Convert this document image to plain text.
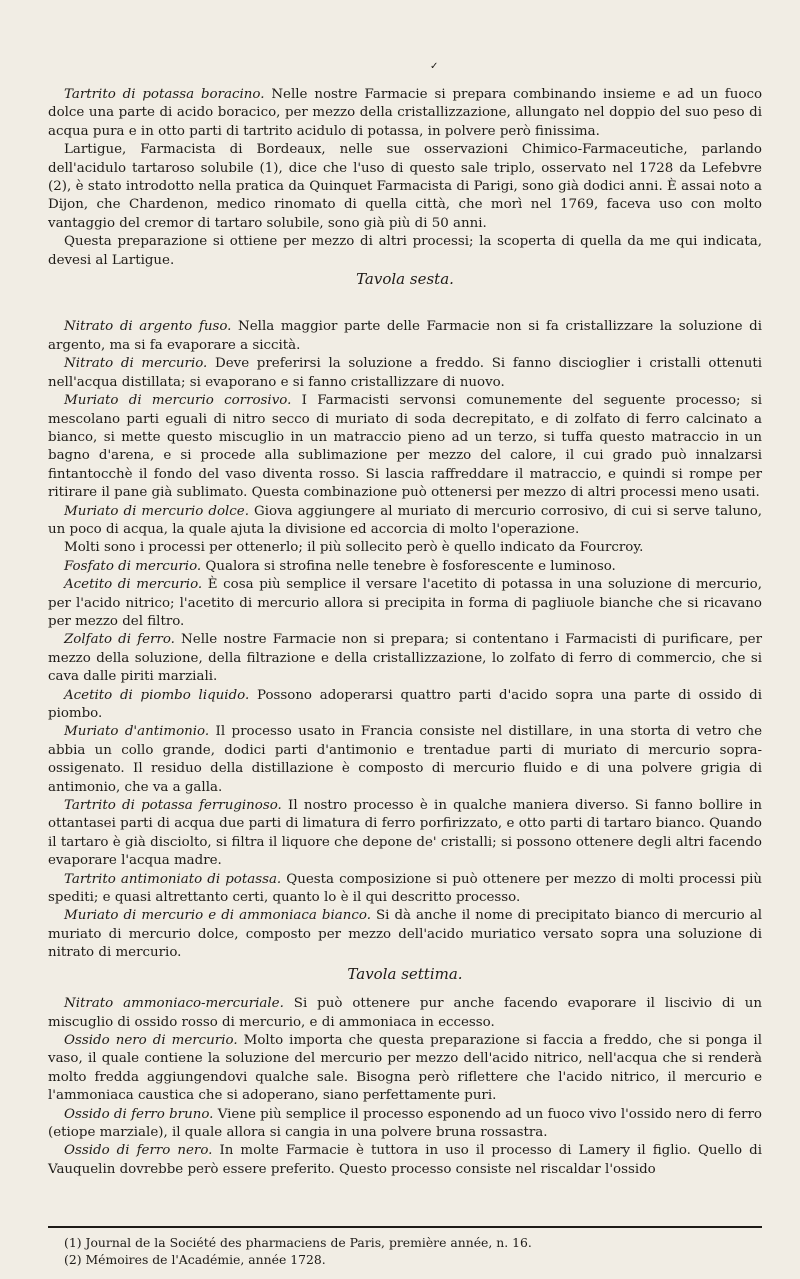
✓

Tartrito di potassa boracino. Nelle nostre Farmacie si prepara combinando insieme e ad un fuoco dolce una parte di acido boracico, per mezzo della cristallizzazione, allungato nel doppio del suo peso di acqua pura e in otto parti di tartrito acidulo di potassa, in polvere però finissima.

Lartigue, Farmacista di Bordeaux, nelle sue osservazioni Chimico-Farmaceutiche, parlando dell'acidulo tartaroso solubile (1), dice che l'uso di questo sale triplo, osservato nel 1728 da Lefebvre (2), è stato introdotto nella pratica da Quinquet Farmacista di Parigi, sono già dodici anni. È assai noto a Dijon, che Chardenon, medico rinomato di quella città, che morì nel 1769, faceva uso con molto vantaggio del cremor di tartaro solubile, sono già più di 50 anni.

Questa preparazione si ottiene per mezzo di altri processi; la scoperta di quella da me qui indicata, devesi al Lartigue.

Tavola sesta.

Nitrato di argento fuso. Nella maggior parte delle Farmacie non si fa cristallizzare la soluzione di argento, ma si fa evaporare a siccità.

Nitrato di mercurio. Deve preferirsi la soluzione a freddo. Si fanno discioglier i cristalli ottenuti nell'acqua distillata; si evaporano e si fanno cristallizzare di nuovo.

Muriato di mercurio corrosivo. I Farmacisti servonsi comunemente del seguente processo; si mescolano parti eguali di nitro secco di muriato di soda decrepitato, e di zolfato di ferro calcinato a bianco, si mette questo miscuglio in un matraccio pieno ad un terzo, si tuffa questo matraccio in un bagno d'arena, e si procede alla sublimazione per mezzo del calore, il cui grado può innalzarsi fintantocchè il fondo del vaso diventa rosso. Si lascia raffreddare il matraccio, e quindi si rompe per ritirare il pane già sublimato. Questa combinazione può ottenersi per mezzo di altri processi meno usati.

Muriato di mercurio dolce. Giova aggiungere al muriato di mercurio corrosivo, di cui si serve taluno, un poco di acqua, la quale ajuta la divisione ed accorcia di molto l'operazione.

Molti sono i processi per ottenerlo; il più sollecito però è quello indicato da Fourcroy.

Fosfato di mercurio. Qualora si strofina nelle tenebre è fosforescente e luminoso.

Acetito di mercurio. È cosa più semplice il versare l'acetito di potassa in una soluzione di mercurio, per l'acido nitrico; l'acetito di mercurio allora si precipita in forma di pagliuole bianche che si ricavano per mezzo del filtro.

Zolfato di ferro. Nelle nostre Farmacie non si prepara; si contentano i Farmacisti di purificare, per mezzo della soluzione, della filtrazione e della cristallizzazione, lo zolfato di ferro di commercio, che si cava dalle piriti marziali.

Acetito di piombo liquido. Possono adoperarsi quattro parti d'acido sopra una parte di ossido di piombo.

Muriato d'antimonio. Il processo usato in Francia consiste nel distillare, in una storta di vetro che abbia un collo grande, dodici parti d'antimonio e trentadue parti di muriato di mercurio sopra-ossigenato. Il residuo della distillazione è composto di mercurio fluido e di una polvere grigia di antimonio, che va a galla.

Tartrito di potassa ferruginoso. Il nostro processo è in qualche maniera diverso. Si fanno bollire in ottantasei parti di acqua due parti di limatura di ferro porfirizzato, e otto parti di tartaro bianco. Quando il tartaro è già disciolto, si filtra il liquore che depone de' cristalli; si possono ottenere degli altri facendo evaporare l'acqua madre.

Tartrito antimoniato di potassa. Questa composizione si può ottenere per mezzo di molti processi più spediti; e quasi altrettanto certi, quanto lo è il qui descritto processo.

Muriato di mercurio e di ammoniaca bianco. Si dà anche il nome di precipitato bianco di mercurio al muriato di mercurio dolce, composto per mezzo dell'acido muriatico versato sopra una soluzione di nitrato di mercurio.

Tavola settima.

Nitrato ammoniaco-mercuriale. Si può ottenere pur anche facendo evaporare il liscivio di un miscuglio di ossido rosso di mercurio, e di ammoniaca in eccesso.

Ossido nero di mercurio. Molto importa che questa preparazione si faccia a freddo, che si ponga il vaso, il quale contiene la soluzione del mercurio per mezzo dell'acido nitrico, nell'acqua che si renderà molto fredda aggiungendovi qualche sale. Bisogna però riflettere che l'acido nitrico, il mercurio e l'ammoniaca caustica che si adoperano, siano perfettamente puri.

Ossido di ferro bruno. Viene più semplice il processo esponendo ad un fuoco vivo l'ossido nero di ferro (etiope marziale), il quale allora si cangia in una polvere bruna rossastra.

Ossido di ferro nero. In molte Farmacie è tuttora in uso il processo di Lamery il figlio. Quello di Vauquelin dovrebbe però essere preferito. Questo processo consiste nel riscaldar l'ossido

(1) Journal de la Société des pharmaciens de Paris, première année, n. 16.

(2) Mémoires de l'Académie, année 1728.
